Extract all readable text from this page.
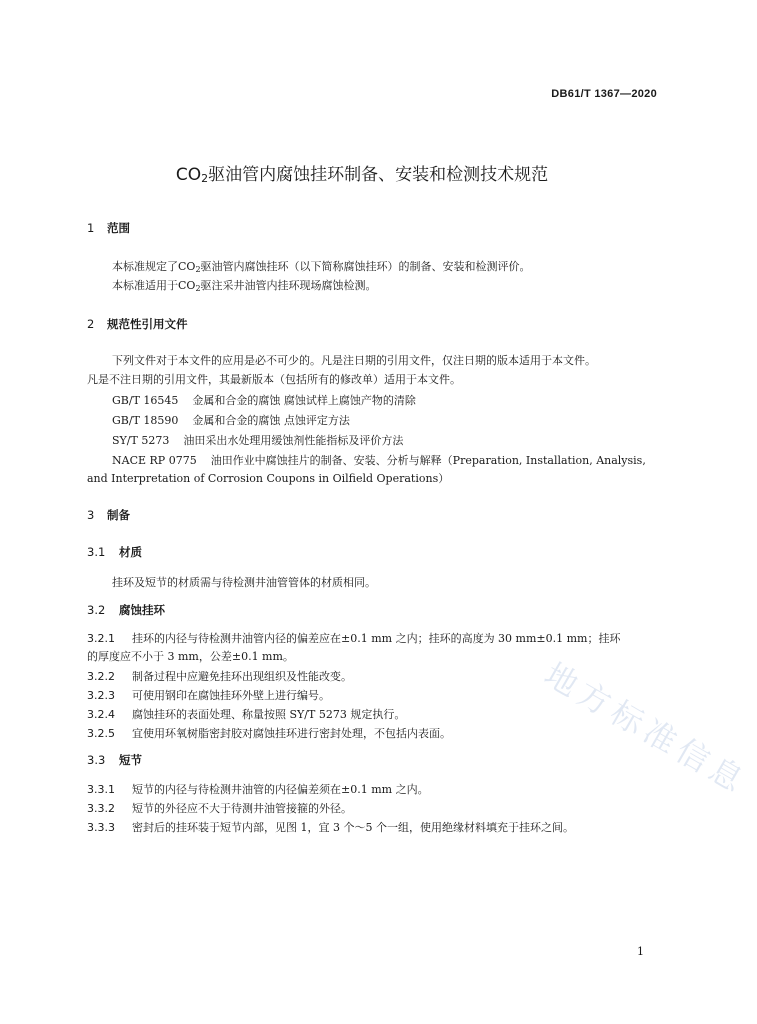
DB61/T 1367—2020
$CO_2$驱油管内腐蚀挂环制备、安装和检测技术规范
1 范围
本标准规定了$CO_2$驱油管内腐蚀挂环（以下简称腐蚀挂环）的制备、安装和检测评价。
本标准适用于$CO_2$驱注采井油管内挂环现场腐蚀检测。
2 规范性引用文件
下列文件对于本文件的应用是必不可少的。凡是注日期的引用文件，仅注日期的版本适用于本文件。
凡是不注日期的引用文件，其最新版本（包括所有的修改单）适用于本文件。
GB/T 16545 金属和合金的腐蚀 腐蚀试样上腐蚀产物的清除
GB/T 18590 金属和合金的腐蚀 点蚀评定方法
SY/T 5273 油田采出水处理用缓蚀剂性能指标及评价方法
NACE RP 0775 油田作业中腐蚀挂片的制备、安装、分析与解释（Preparation, Installation, Analysis,
and Interpretation of Corrosion Coupons in Oilfield Operations）
3 制备
3.1 材质
挂环及短节的材质需与待检测井油管管体的材质相同。
3.2 腐蚀挂环
3.2.1 挂环的内径与待检测井油管内径的偏差应在±0.1 mm 之内；挂环的高度为 30 mm±0.1 mm；挂环
的厚度应不小于 3 mm，公差±0.1 mm。
3.2.2 制备过程中应避免挂环出现组织及性能改变。
3.2.3 可使用钢印在腐蚀挂环外壁上进行编号。
3.2.4 腐蚀挂环的表面处理、称量按照 SY/T 5273 规定执行。
3.2.5 宜使用环氧树脂密封胶对腐蚀挂环进行密封处理，不包括内表面。
3.3 短节
3.3.1 短节的内径与待检测井油管的内径偏差须在±0.1 mm 之内。
3.3.2 短节的外径应不大于待测井油管接箍的外径。
3.3.3 密封后的挂环装于短节内部，见图 1，宜 3 个～5 个一组，使用绝缘材料填充于挂环之间。
1
地方标准信息
